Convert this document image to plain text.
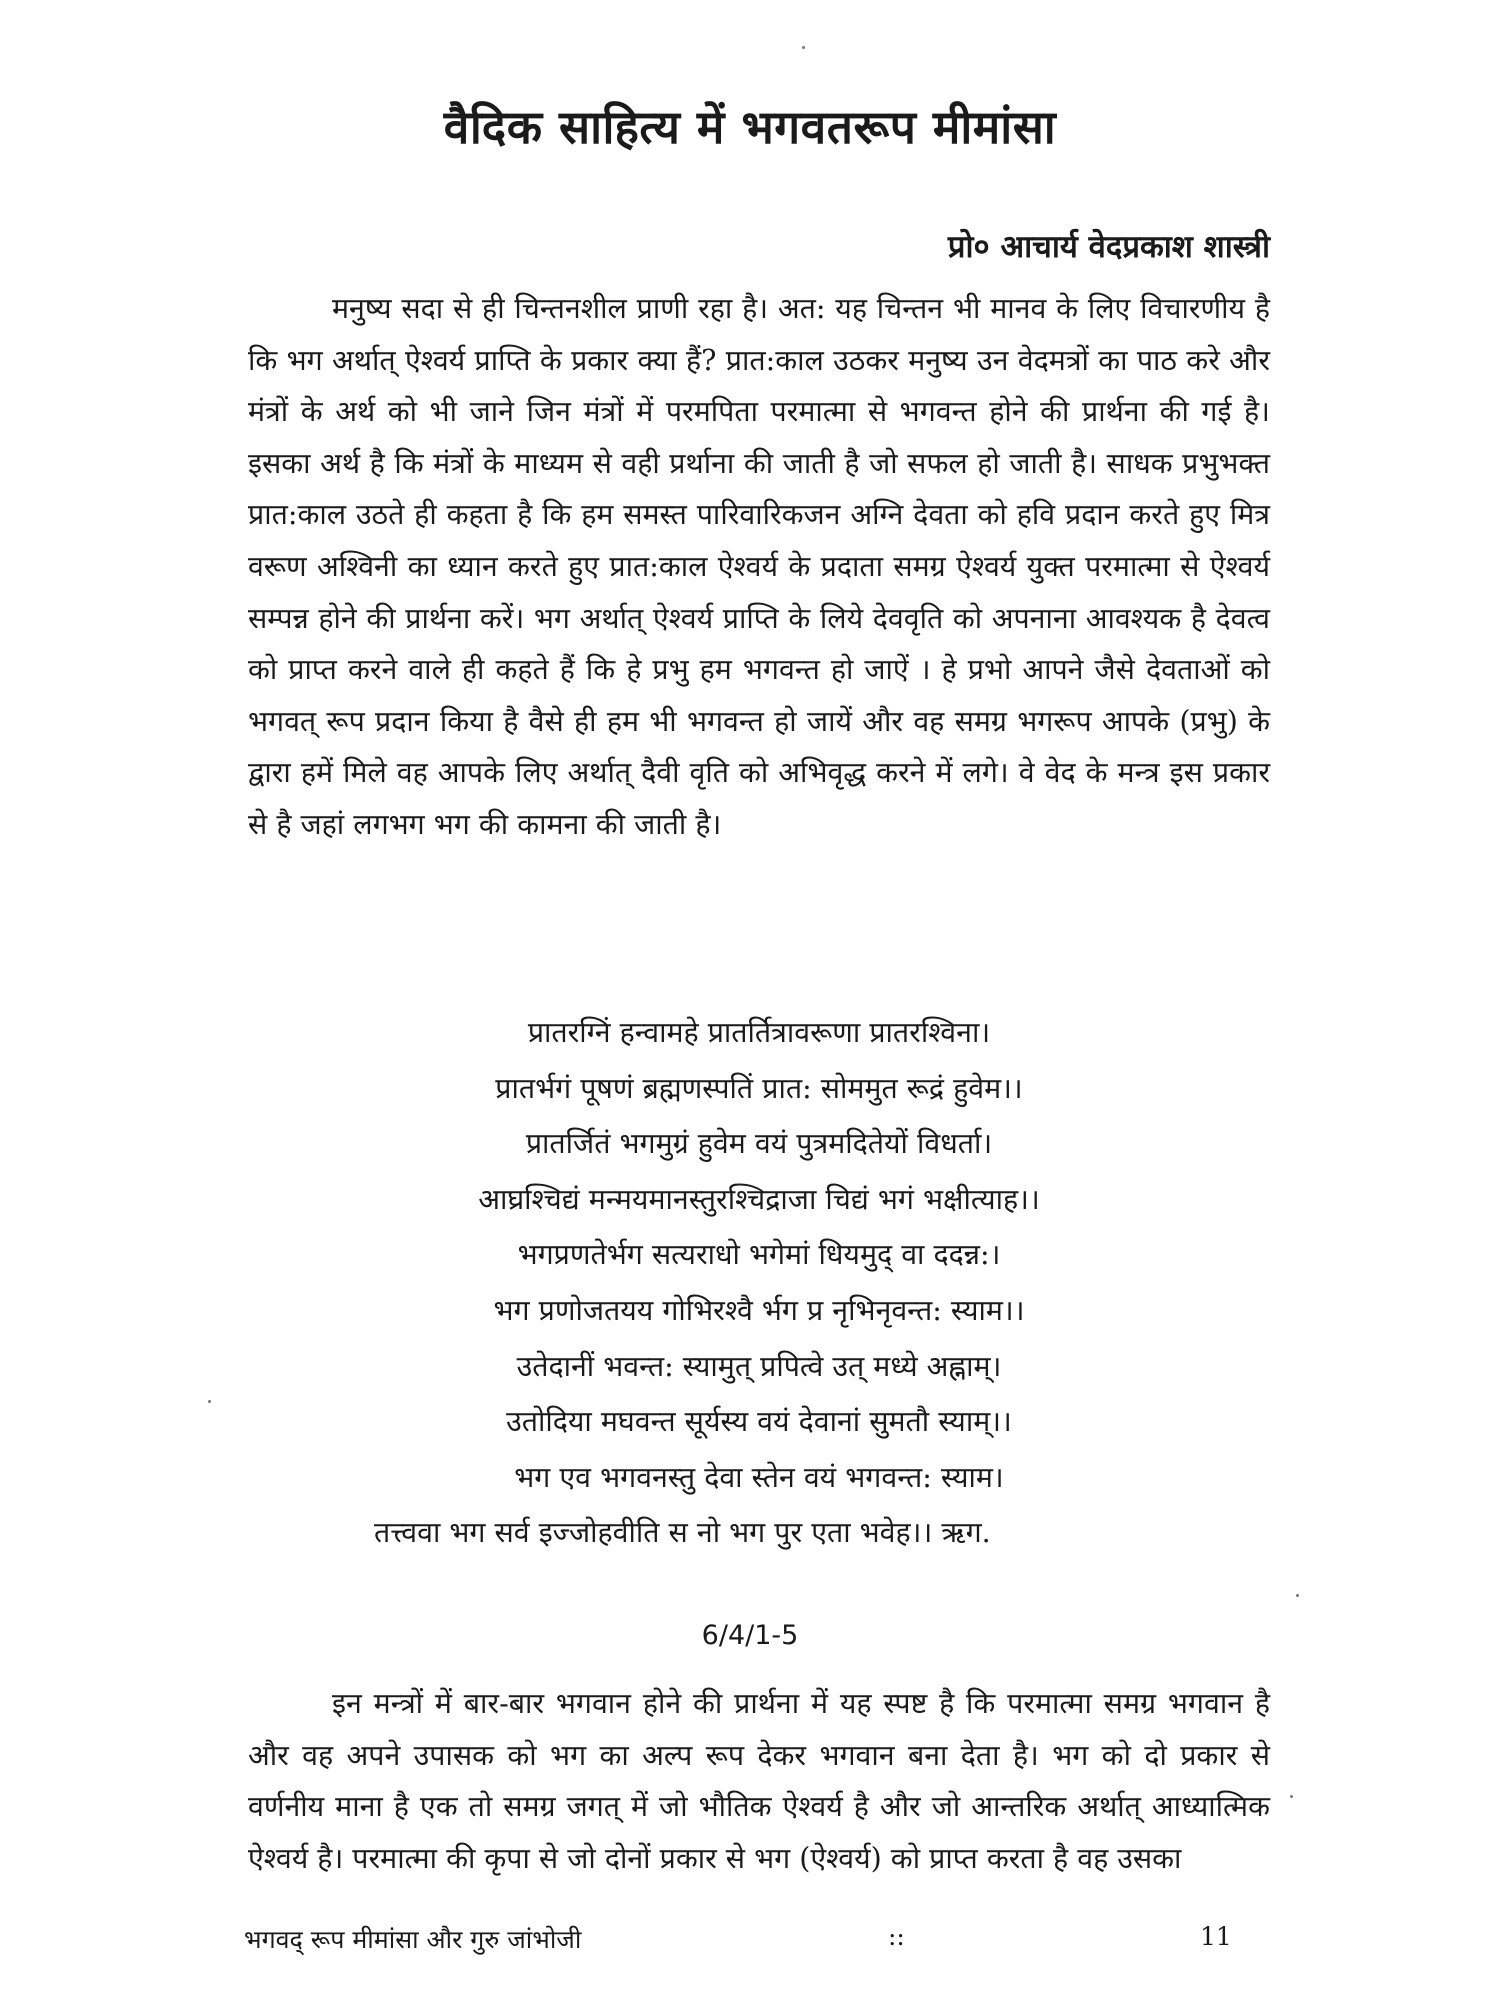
वैदिक साहित्य में भगवतरूप मीमांसा
प्रो० आचार्य वेदप्रकाश शास्त्री

मनुष्य सदा से ही चिन्तनशील प्राणी रहा है। अत: यह चिन्तन भी मानव के लिए विचारणीय है कि भग अर्थात् ऐश्वर्य प्राप्ति के प्रकार क्या हैं? प्रात:काल उठकर मनुष्य उन वेदमत्रों का पाठ करे और मंत्रों के अर्थ को भी जाने जिन मंत्रों में परमपिता परमात्मा से भगवन्त होने की प्रार्थना की गई है। इसका अर्थ है कि मंत्रों के माध्यम से वही प्रर्थाना की जाती है जो सफल हो जाती है। साधक प्रभुभक्त प्रात:काल उठते ही कहता है कि हम समस्त पारिवारिकजन अग्नि देवता को हवि प्रदान करते हुए मित्र वरूण अश्विनी का ध्यान करते हुए प्रात:काल ऐश्वर्य के प्रदाता समग्र ऐश्वर्य युक्त परमात्मा से ऐश्वर्य सम्पन्न होने की प्रार्थना करें। भग अर्थात् ऐश्वर्य प्राप्ति के लिये देववृति को अपनाना आवश्यक है देवत्व को प्राप्त करने वाले ही कहते हैं कि हे प्रभु हम भगवन्त हो जाऐं । हे प्रभो आपने जैसे देवताओं को भगवत् रूप प्रदान किया है वैसे ही हम भी भगवन्त हो जायें और वह समग्र भगरूप आपके (प्रभु) के द्वारा हमें मिले वह आपके लिए अर्थात् दैवी वृति को अभिवृद्ध करने में लगे। वे वेद के मन्त्र इस प्रकार से है जहां लगभग भग की कामना की जाती है।

प्रातरग्निं हन्वामहे प्रातर्तित्रावरूणा प्रातरश्विना।
प्रातर्भगं पूषणं ब्रह्मणस्पतिं प्रात: सोममुत रूद्रं हुवेम।।
प्रातर्जितं भगमुग्रं हुवेम वयं पुत्रमदितेयों विधर्ता।
आघ्रश्चिद्यं मन्मयमानस्तुरश्चिद्राजा चिद्यं भगं भक्षीत्याह।।
भगप्रणतेर्भग सत्यराधो भगेमां धियमुद् वा ददन्न:।
भग प्रणोजतयय गोभिरश्वै र्भग प्र नृभिनृवन्त: स्याम।।
उतेदानीं भवन्त: स्यामुत् प्रपित्वे उत् मध्ये अह्नाम्।
उतोदिया मघवन्त सूर्यस्य वयं देवानां सुमतौ स्याम्।।
भग एव भगवनस्तु देवा स्तेन वयं भगवन्त: स्याम।
तत्त्ववा भग सर्व इज्जोहवीति स नो भग पुर एता भवेह।। ऋग.
6/4/1-5

इन मन्त्रों में बार-बार भगवान होने की प्रार्थना में यह स्पष्ट है कि परमात्मा समग्र भगवान है और वह अपने उपासक को भग का अल्प रूप देकर भगवान बना देता है। भग को दो प्रकार से वर्णनीय माना है एक तो समग्र जगत् में जो भौतिक ऐश्वर्य है और जो आन्तरिक अर्थात् आध्यात्मिक ऐश्वर्य है। परमात्मा की कृपा से जो दोनों प्रकार से भग (ऐश्वर्य) को प्राप्त करता है वह उसका

भगवद् रूप मीमांसा और गुरु जांभोजी	::	11
